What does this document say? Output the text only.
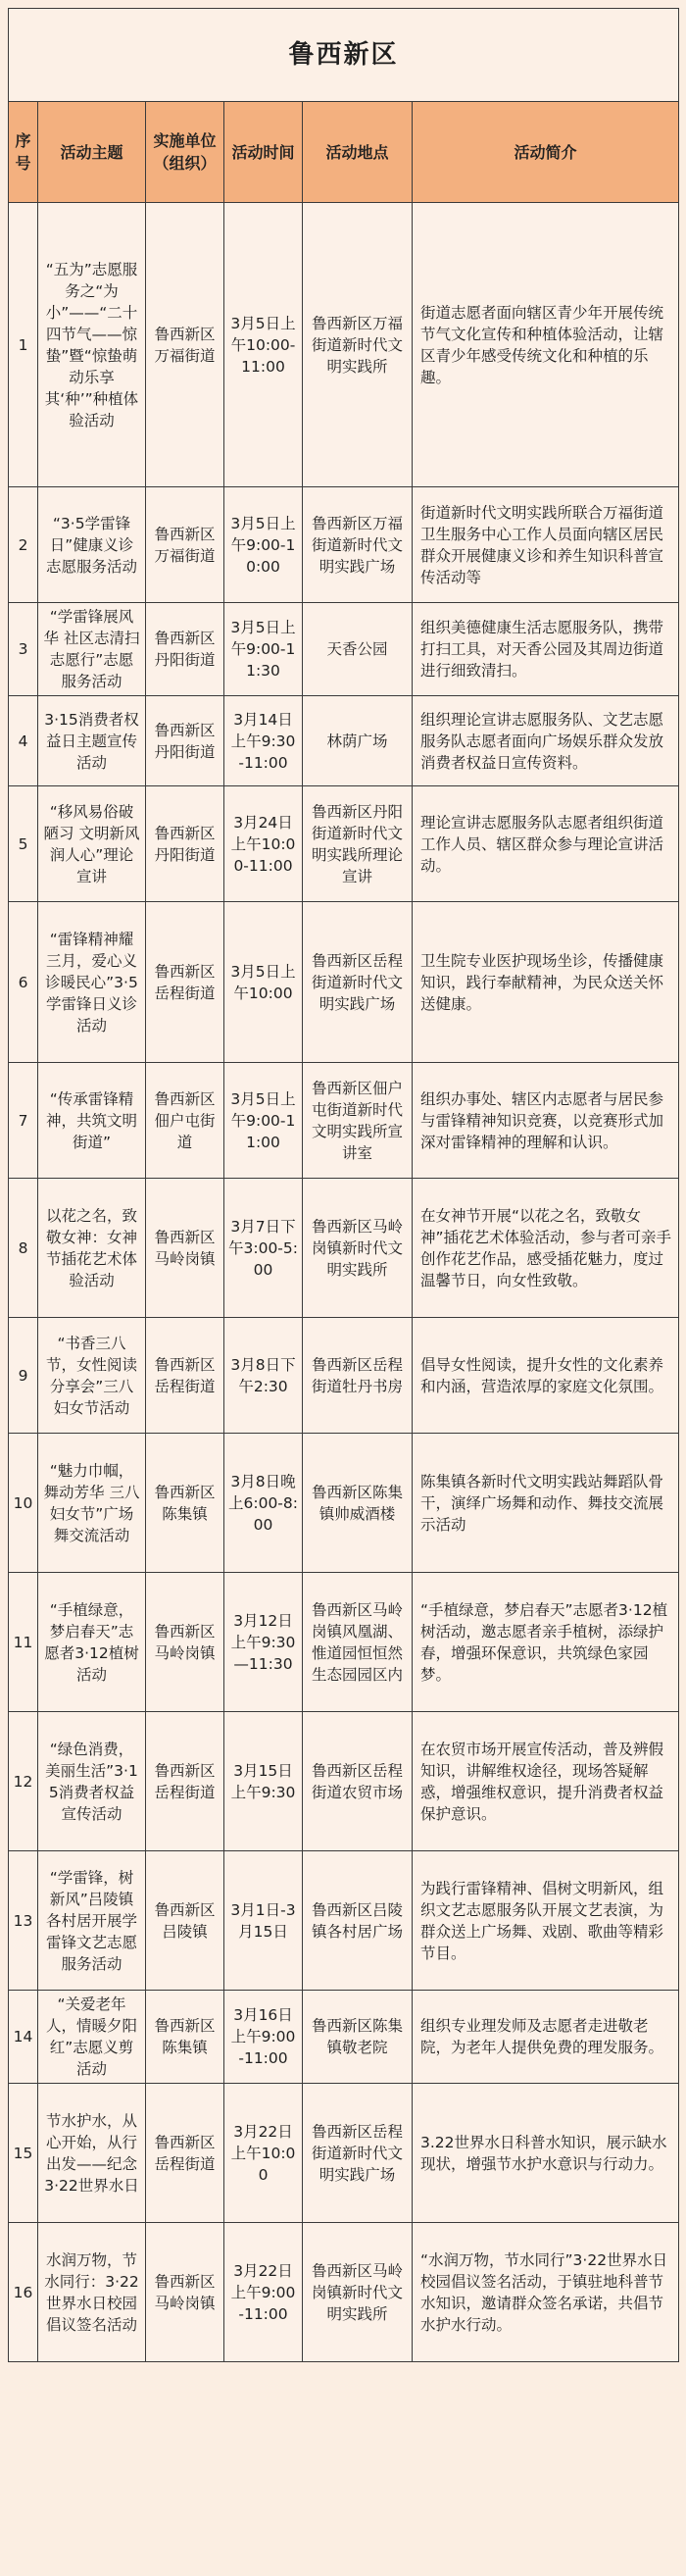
鲁西新区					
序号	活动主题	实施单位（组织）	活动时间	活动地点	活动简介
1	“五为”志愿服务之“为小”——“二十四节气——惊蛰”暨“惊蛰萌动乐享其‘种’”种植体验活动	鲁西新区万福街道	3月5日上午10:00-11:00	鲁西新区万福街道新时代文明实践所	街道志愿者面向辖区青少年开展传统节气文化宣传和种植体验活动，让辖区青少年感受传统文化和种植的乐趣。
2	“3·5学雷锋日”健康义诊志愿服务活动	鲁西新区万福街道	3月5日上午9:00-10:00	鲁西新区万福街道新时代文明实践广场	街道新时代文明实践所联合万福街道卫生服务中心工作人员面向辖区居民群众开展健康义诊和养生知识科普宣传活动等
3	“学雷锋展风华 社区志清扫志愿行”志愿服务活动	鲁西新区丹阳街道	3月5日上午9:00-11:30	天香公园	组织美德健康生活志愿服务队，携带打扫工具，对天香公园及其周边街道进行细致清扫。
4	3·15消费者权益日主题宣传活动	鲁西新区丹阳街道	3月14日上午9:30-11:00	林荫广场	组织理论宣讲志愿服务队、文艺志愿服务队志愿者面向广场娱乐群众发放消费者权益日宣传资料。
5	“移风易俗破陋习 文明新风润人心”理论宣讲	鲁西新区丹阳街道	3月24日上午10:00-11:00	鲁西新区丹阳街道新时代文明实践所理论宣讲	理论宣讲志愿服务队志愿者组织街道工作人员、辖区群众参与理论宣讲活动。
6	“雷锋精神耀三月，爱心义诊暖民心”3·5学雷锋日义诊活动	鲁西新区岳程街道	3月5日上午10:00	鲁西新区岳程街道新时代文明实践广场	卫生院专业医护现场坐诊，传播健康知识，践行奉献精神，为民众送关怀送健康。
7	“传承雷锋精神，共筑文明街道”	鲁西新区佃户屯街道	3月5日上午9:00-11:00	鲁西新区佃户屯街道新时代文明实践所宣讲室	组织办事处、辖区内志愿者与居民参与雷锋精神知识竞赛，以竞赛形式加深对雷锋精神的理解和认识。
8	以花之名，致敬女神：女神节插花艺术体验活动	鲁西新区马岭岗镇	3月7日下午3:00-5:00	鲁西新区马岭岗镇新时代文明实践所	在女神节开展“以花之名，致敬女神”插花艺术体验活动，参与者可亲手创作花艺作品，感受插花魅力，度过温馨节日，向女性致敬。
9	“书香三八节，女性阅读分享会”三八妇女节活动	鲁西新区岳程街道	3月8日下午2:30	鲁西新区岳程街道牡丹书房	倡导女性阅读，提升女性的文化素养和内涵，营造浓厚的家庭文化氛围。
10	“魅力巾帼，舞动芳华 三八妇女节”广场舞交流活动	鲁西新区陈集镇	3月8日晚上6:00-8:00	鲁西新区陈集镇帅威酒楼	陈集镇各新时代文明实践站舞蹈队骨干，演绎广场舞和动作、舞技交流展示活动
11	“手植绿意，梦启春天”志愿者3·12植树活动	鲁西新区马岭岗镇	3月12日上午9:30—11:30	鲁西新区马岭岗镇风凰湖、惟道园恒恒然生态园园区内	“手植绿意，梦启春天”志愿者3·12植树活动，邀志愿者亲手植树，添绿护春，增强环保意识，共筑绿色家园梦。
12	“绿色消费，美丽生活”3·15消费者权益宣传活动	鲁西新区岳程街道	3月15日上午9:30	鲁西新区岳程街道农贸市场	在农贸市场开展宣传活动，普及辨假知识，讲解维权途径，现场答疑解惑，增强维权意识，提升消费者权益保护意识。
13	“学雷锋，树新风”吕陵镇各村居开展学雷锋文艺志愿服务活动	鲁西新区吕陵镇	3月1日-3月15日	鲁西新区吕陵镇各村居广场	为践行雷锋精神、倡树文明新风，组织文艺志愿服务队开展文艺表演，为群众送上广场舞、戏剧、歌曲等精彩节目。
14	“关爱老年人，情暖夕阳红”志愿义剪活动	鲁西新区陈集镇	3月16日上午9:00-11:00	鲁西新区陈集镇敬老院	组织专业理发师及志愿者走进敬老院，为老年人提供免费的理发服务。
15	节水护水，从心开始，从行出发——纪念3·22世界水日	鲁西新区岳程街道	3月22日上午10:00	鲁西新区岳程街道新时代文明实践广场	3.22世界水日科普水知识，展示缺水现状，增强节水护水意识与行动力。
16	水润万物，节水同行：3·22世界水日校园倡议签名活动	鲁西新区马岭岗镇	3月22日上午9:00-11:00	鲁西新区马岭岗镇新时代文明实践所	“水润万物，节水同行”3·22世界水日校园倡议签名活动，于镇驻地科普节水知识，邀请群众签名承诺，共倡节水护水行动。
